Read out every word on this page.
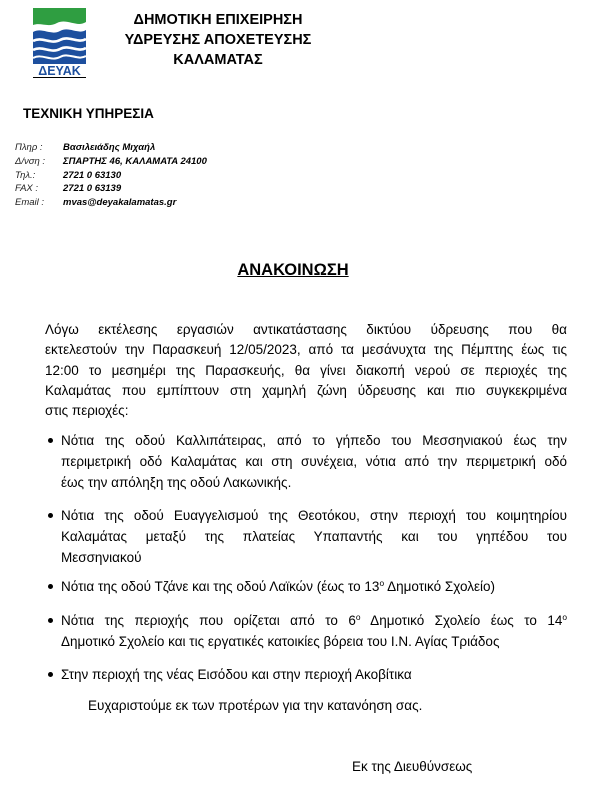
ΔΕΥΑΚ
ΔΗΜΟΤΙΚΗ ΕΠΙΧΕΙΡΗΣΗ
ΥΔΡΕΥΣΗΣ ΑΠΟΧΕΤΕΥΣΗΣ
ΚΑΛΑΜΑΤΑΣ
ΤΕΧΝΙΚΗ ΥΠΗΡΕΣΙΑ
Πληρ :	Βασιλειάδης Μιχαήλ
Δ/νση :	ΣΠΑΡΤΗΣ 46, ΚΑΛΑΜΑΤΑ 24100
Τηλ.:	2721 0 63130
FAX :	2721 0 63139
Email :	mvas@deyakalamatas.gr
ΑΝΑΚΟΙΝΩΣΗ
Λόγω εκτέλεσης εργασιών αντικατάστασης δικτύου ύδρευσης που θα
εκτελεστούν την Παρασκευή 12/05/2023, από τα μεσάνυχτα της Πέμπτης έως τις
12:00 το μεσημέρι της Παρασκευής, θα γίνει διακοπή νερού σε περιοχές της
Καλαμάτας που εμπίπτουν στη χαμηλή ζώνη ύδρευσης και πιο συγκεκριμένα
στις περιοχές:
Νότια της οδού Καλλιπάτειρας, από το γήπεδο του Μεσσηνιακού έως την
περιμετρική οδό Καλαμάτας και στη συνέχεια, νότια από την περιμετρική οδό
έως την απόληξη της οδού Λακωνικής.
Νότια της οδού Ευαγγελισμού της Θεοτόκου, στην περιοχή του κοιμητηρίου
Καλαμάτας μεταξύ της πλατείας Υπαπαντής και του γηπέδου του
Μεσσηνιακού
Νότια της οδού Τζάνε και της οδού Λαϊκών (έως το $13^o$ Δημοτικό Σχολείο)
Νότια της περιοχής που ορίζεται από το $6^o$ Δημοτικό Σχολείο έως το $14^o$
Δημοτικό Σχολείο και τις εργατικές κατοικίες βόρεια του Ι.Ν. Αγίας Τριάδος
Στην περιοχή της νέας Εισόδου και στην περιοχή Ακοβίτικα
Ευχαριστούμε εκ των προτέρων για την κατανόηση σας.
Εκ της Διευθύνσεως
